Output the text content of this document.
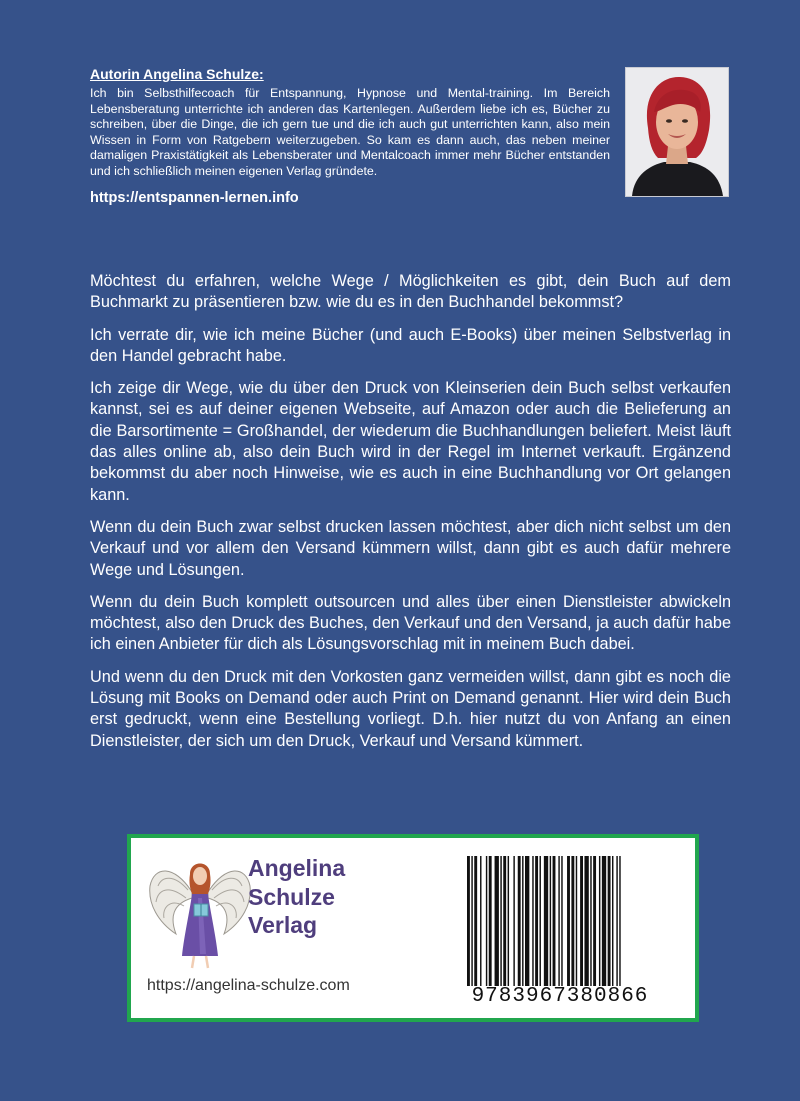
Autorin Angelina Schulze:

Ich bin Selbsthilfecoach für Entspannung, Hypnose und Mental-training. Im Bereich Lebensberatung unterrichte ich anderen das Kartenlegen. Außerdem liebe ich es, Bücher zu schreiben, über die Dinge, die ich gern tue und die ich auch gut unterrichten kann, also mein Wissen in Form von Ratgebern weiterzugeben. So kam es dann auch, das neben meiner damaligen Praxistätigkeit als Lebensberater und Mentalcoach immer mehr Bücher entstanden und ich schließlich meinen eigenen Verlag gründete.

https://entspannen-lernen.info

Möchtest du erfahren, welche Wege / Möglichkeiten es gibt, dein Buch auf dem Buchmarkt zu präsentieren bzw. wie du es in den Buchhandel bekommst?

Ich verrate dir, wie ich meine Bücher (und auch E-Books) über meinen Selbstverlag in den Handel gebracht habe.

Ich zeige dir Wege, wie du über den Druck von Kleinserien dein Buch selbst verkaufen kannst, sei es auf deiner eigenen Webseite, auf Amazon oder auch die Belieferung an die Barsortimente = Großhandel, der wiederum die Buchhandlungen beliefert. Meist läuft das alles online ab, also dein Buch wird in der Regel im Internet verkauft. Ergänzend bekommst du aber noch Hinweise, wie es auch in eine Buchhandlung vor Ort gelangen kann.

Wenn du dein Buch zwar selbst drucken lassen möchtest, aber dich nicht selbst um den Verkauf und vor allem den Versand kümmern willst, dann gibt es auch dafür mehrere Wege und Lösungen.

Wenn du dein Buch komplett outsourcen und alles über einen Dienstleister abwickeln möchtest, also den Druck des Buches, den Verkauf und den Versand, ja auch dafür habe ich einen Anbieter für dich als Lösungsvorschlag mit in meinem Buch dabei.

Und wenn du den Druck mit den Vorkosten ganz vermeiden willst, dann gibt es noch die Lösung mit Books on Demand oder auch Print on Demand genannt. Hier wird dein Buch erst gedruckt, wenn eine Bestellung vorliegt. D.h. hier nutzt du von Anfang an einen Dienstleister, der sich um den Druck, Verkauf und Versand kümmert.

Angelina
Schulze
Verlag
https://angelina-schulze.com	9783967380866
